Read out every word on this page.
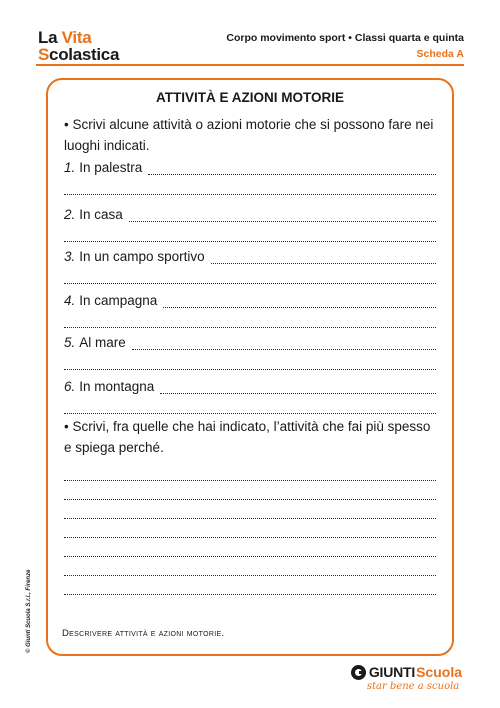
La Vita
Scolastica
Corpo movimento sport • Classi quarta e quinta
Scheda A
ATTIVITÀ E AZIONI MOTORIE
• Scrivi alcune attività o azioni motorie che si possono fare nei luoghi indicati.
1. In palestra
2. In casa
3. In un campo sportivo
4. In campagna
5. Al mare
6. In montagna
• Scrivi, fra quelle che hai indicato, l’attività che fai più spesso e spiega perché.
Descrivere attività e azioni motorie.
© Giunti Scuola S.r.l., Firenze
GIUNTI Scuola
star bene a scuola
